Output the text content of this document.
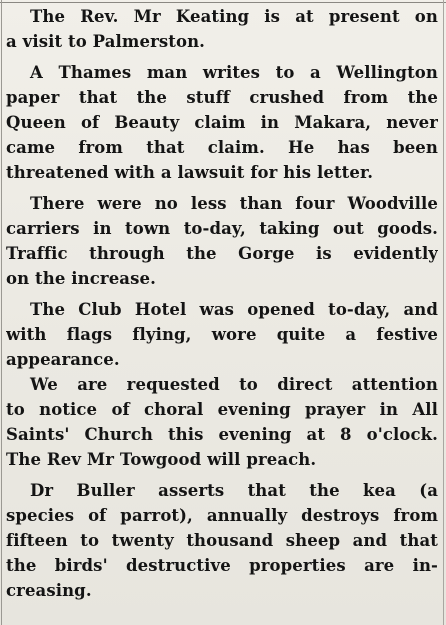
The Rev. Mr Keating is at present on
a visit to Palmerston.
A Thames man writes to a Wellington
paper that the stuff crushed from the
Queen of Beauty claim in Makara, never
came from that claim. He has been
threatened with a lawsuit for his letter.
There were no less than four Woodville
carriers in town to-day, taking out goods.
Traffic through the Gorge is evidently
on the increase.
The Club Hotel was opened to-day, and
with flags flying, wore quite a festive
appearance.
We are requested to direct attention
to notice of choral evening prayer in All
Saints' Church this evening at 8 o'clock.
The Rev Mr Towgood will preach.
Dr Buller asserts that the kea (a
species of parrot), annually destroys from
fifteen to twenty thousand sheep and that
the birds' destructive properties are in-
creasing.
